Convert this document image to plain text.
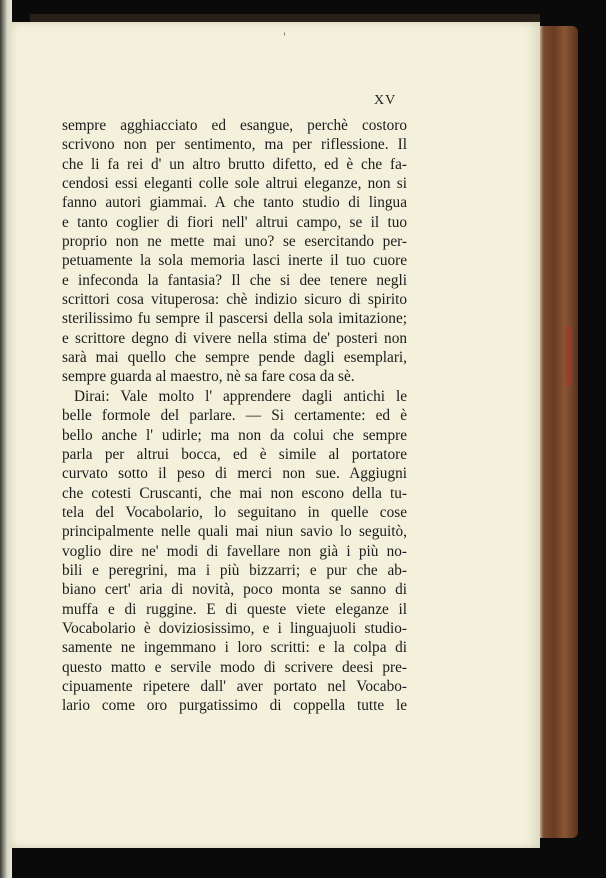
'
XV
sempre agghiacciato ed esangue, perchè costoro
scrivono non per sentimento, ma per riflessione. Il
che li fa rei d' un altro brutto difetto, ed è che fa-
cendosi essi eleganti colle sole altrui eleganze, non si
fanno autori giammai. A che tanto studio di lingua
e tanto coglier di fiori nell' altrui campo, se il tuo
proprio non ne mette mai uno? se esercitando per-
petuamente la sola memoria lasci inerte il tuo cuore
e infeconda la fantasia? Il che si dee tenere negli
scrittori cosa vituperosa: chè indizio sicuro di spirito
sterilissimo fu sempre il pascersi della sola imitazione;
e scrittore degno di vivere nella stima de' posteri non
sarà mai quello che sempre pende dagli esemplari,
sempre guarda al maestro, nè sa fare cosa da sè.
Dirai: Vale molto l' apprendere dagli antichi le
belle formole del parlare. — Si certamente: ed è
bello anche l' udirle; ma non da colui che sempre
parla per altrui bocca, ed è simile al portatore
curvato sotto il peso di merci non sue. Aggiugni
che cotesti Cruscanti, che mai non escono della tu-
tela del Vocabolario, lo seguitano in quelle cose
principalmente nelle quali mai niun savio lo seguitò,
voglio dire ne' modi di favellare non già i più no-
bili e peregrini, ma i più bizzarri; e pur che ab-
biano cert' aria di novità, poco monta se sanno di
muffa e di ruggine. E di queste viete eleganze il
Vocabolario è doviziosissimo, e i linguajuoli studio-
samente ne ingemmano i loro scritti: e la colpa di
questo matto e servile modo di scrivere deesi pre-
cipuamente ripetere dall' aver portato nel Vocabo-
lario come oro purgatissimo di coppella tutte le
